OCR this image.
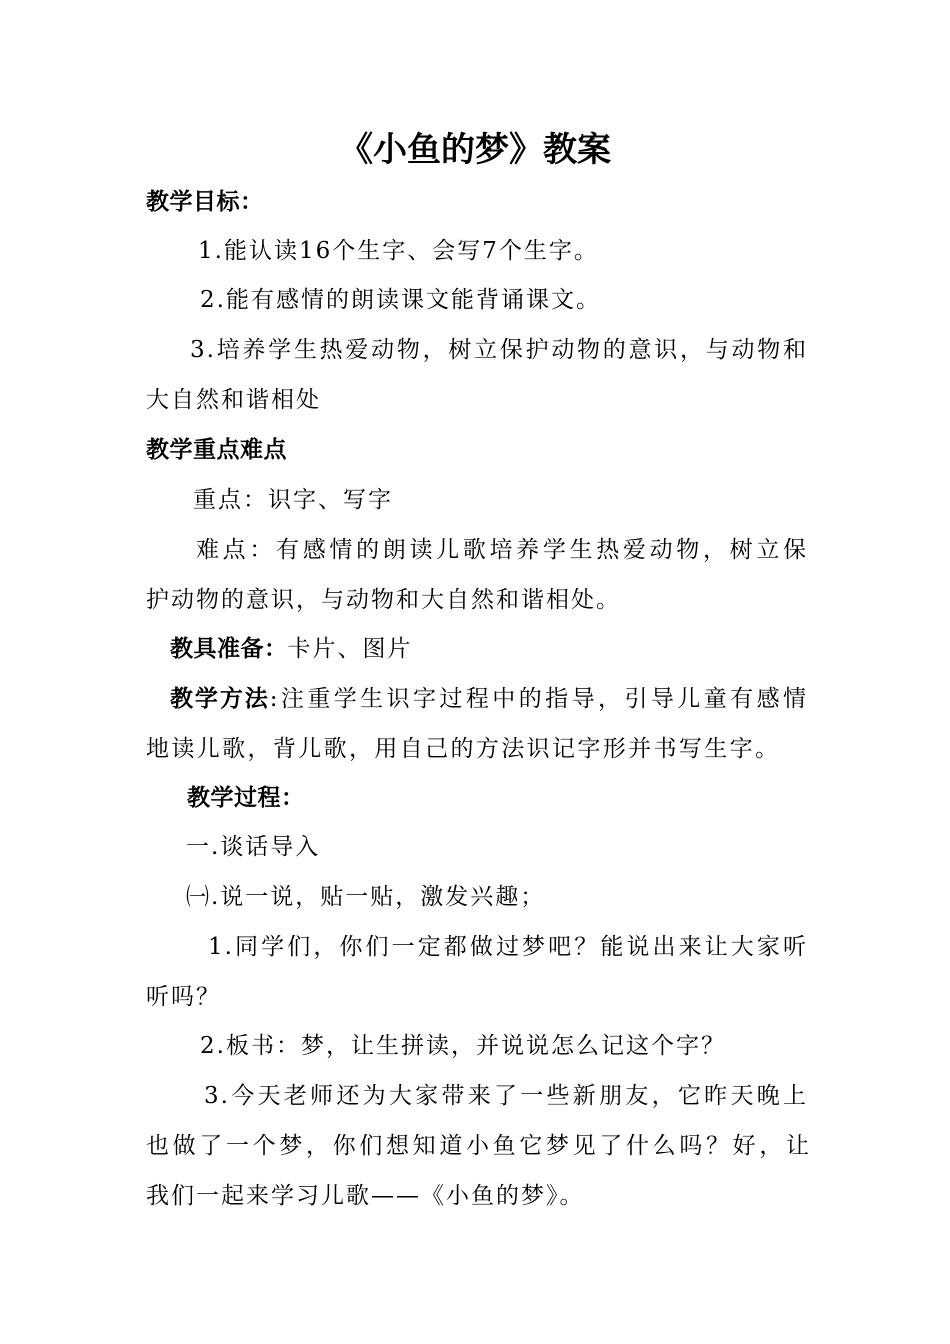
《小鱼的梦》教案
教学目标：
1.能认读16个生字、会写7个生字。
2.能有感情的朗读课文能背诵课文。
3.培养学生热爱动物，树立保护动物的意识，与动物和
大自然和谐相处
教学重点难点
重点：识字、写字
难点：有感情的朗读儿歌培养学生热爱动物，树立保
护动物的意识，与动物和大自然和谐相处。
教具准备：卡片、图片
教学方法:注重学生识字过程中的指导，引导儿童有感情
地读儿歌，背儿歌，用自己的方法识记字形并书写生字。
教学过程：
一.谈话导入
㈠.说一说，贴一贴，激发兴趣；
1.同学们，你们一定都做过梦吧？能说出来让大家听
听吗？
2.板书：梦，让生拼读，并说说怎么记这个字？
3.今天老师还为大家带来了一些新朋友，它昨天晚上
也做了一个梦，你们想知道小鱼它梦见了什么吗？好，让
我们一起来学习儿歌——《小鱼的梦》。
